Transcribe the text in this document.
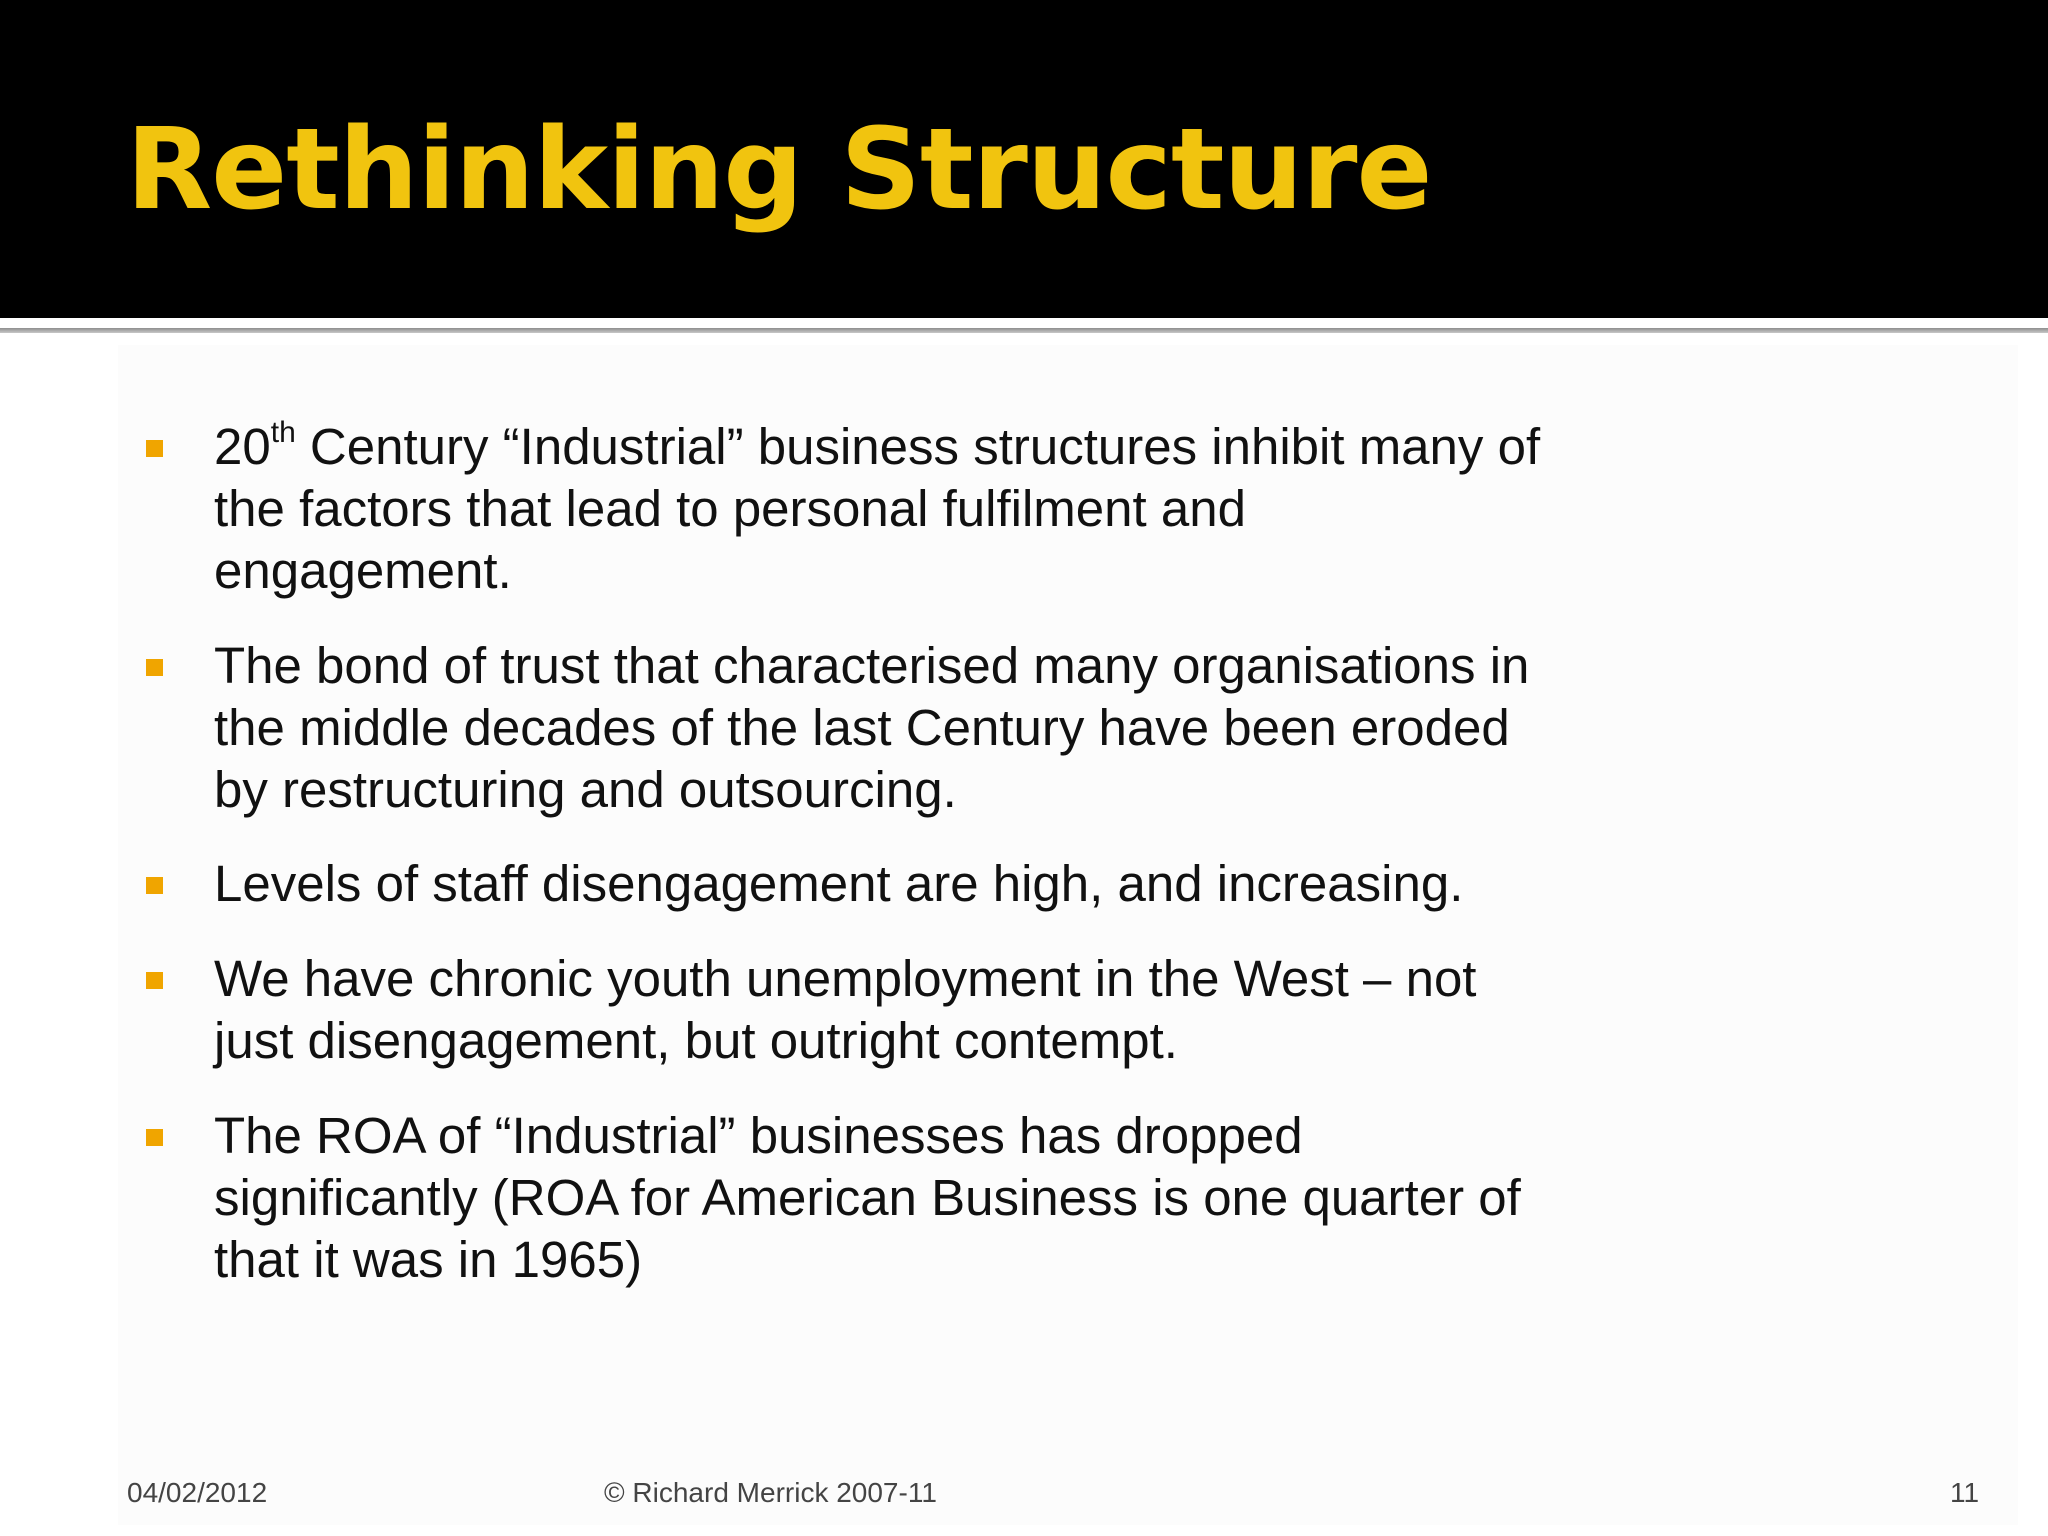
Rethinking Structure
20th Century “Industrial” business structures inhibit many of the factors that lead to personal fulfilment and engagement.
The bond of trust that characterised many organisations in the middle decades of the last Century have been eroded by restructuring and outsourcing.
Levels of staff disengagement are high, and increasing.
We have chronic youth unemployment in the West – not just disengagement, but outright contempt.
The ROA of “Industrial” businesses has dropped significantly (ROA for American Business is one quarter of that it was in 1965)
04/02/2012	© Richard Merrick 2007-11	11
